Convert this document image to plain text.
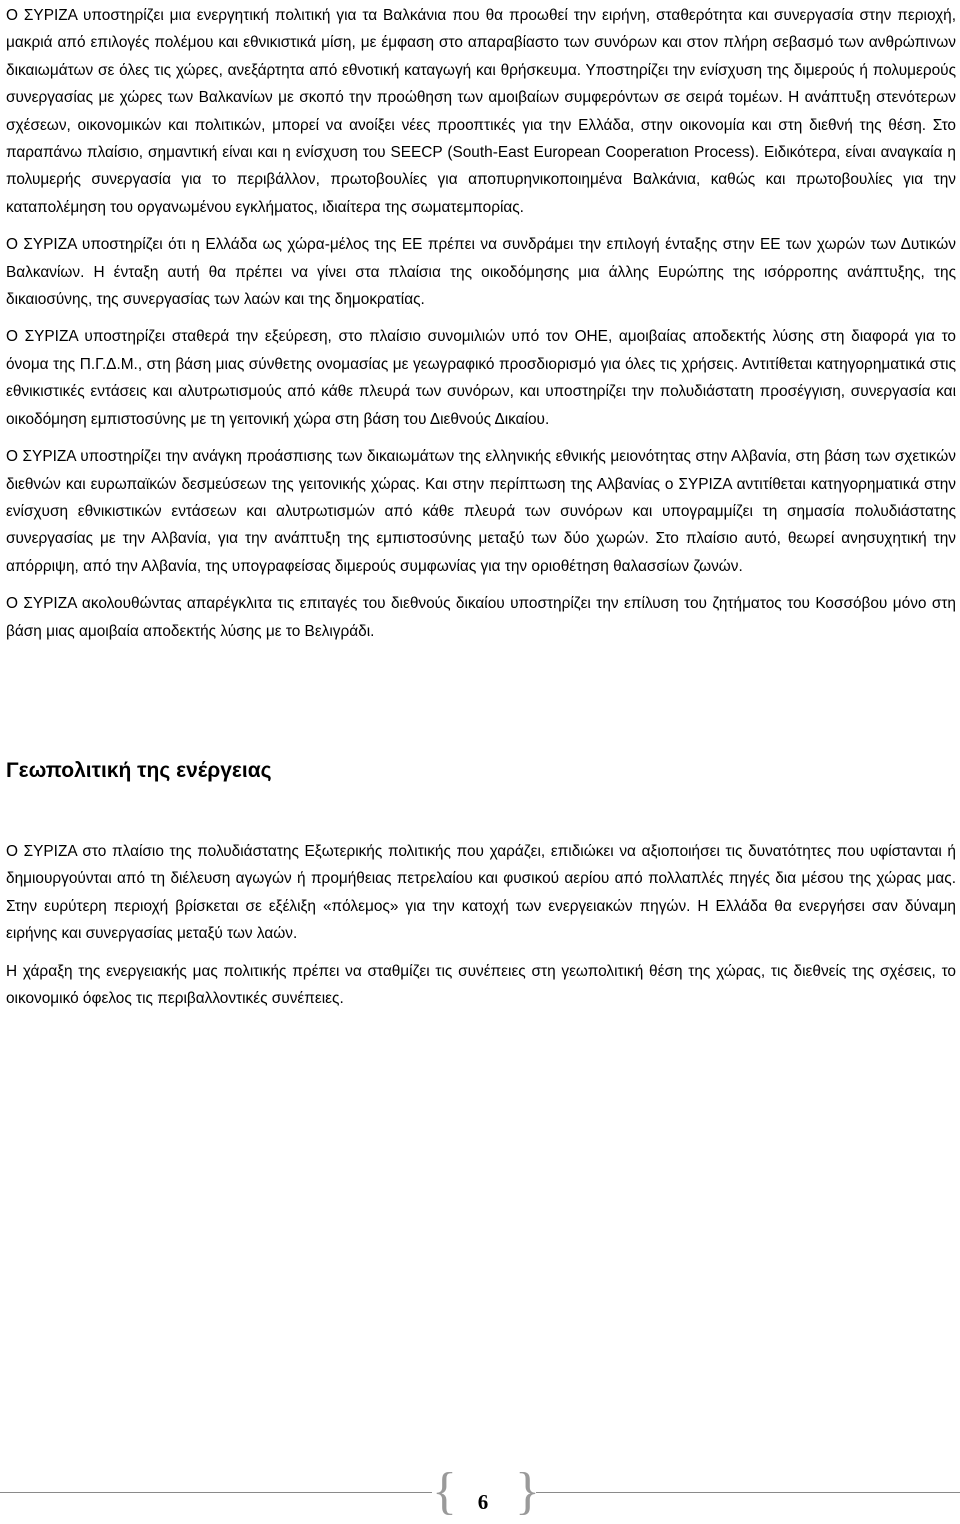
Ο ΣΥΡΙΖΑ υποστηρίζει μια ενεργητική πολιτική για τα Βαλκάνια που θα προωθεί την ειρήνη, σταθερότητα και συνεργασία στην περιοχή, μακριά από επιλογές πολέμου και εθνικιστικά μίση, με έμφαση στο απαραβίαστο των συνόρων και στον πλήρη σεβασμό των ανθρώπινων δικαιωμάτων σε όλες τις χώρες, ανεξάρτητα από εθνοτική καταγωγή και θρήσκευμα. Υποστηρίζει την ενίσχυση της διμερούς ή πολυμερούς συνεργασίας με χώρες των Βαλκανίων με σκοπό την προώθηση των αμοιβαίων συμφερόντων σε σειρά τομέων. Η ανάπτυξη στενότερων σχέσεων, οικονομικών και πολιτικών, μπορεί να ανοίξει νέες προοπτικές για την Ελλάδα, στην οικονομία και στη διεθνή της θέση. Στο παραπάνω πλαίσιο, σημαντική είναι και η ενίσχυση του SEECP (South-East European Cooperatιon Process). Ειδικότερα, είναι αναγκαία η πολυμερής συνεργασία για το περιβάλλον, πρωτοβουλίες για αποπυρηνικοποιημένα Βαλκάνια, καθώς και πρωτοβουλίες για την καταπολέμηση του οργανωμένου εγκλήματος, ιδιαίτερα της σωματεμπορίας.

Ο ΣΥΡΙΖΑ υποστηρίζει ότι η Ελλάδα ως χώρα-μέλος της ΕΕ πρέπει να συνδράμει την επιλογή ένταξης στην ΕΕ των χωρών των Δυτικών Βαλκανίων. Η ένταξη αυτή θα πρέπει να γίνει στα πλαίσια της οικοδόμησης μια άλλης Ευρώπης της ισόρροπης ανάπτυξης, της δικαιοσύνης, της συνεργασίας των λαών και της δημοκρατίας.

Ο ΣΥΡΙΖΑ υποστηρίζει σταθερά την εξεύρεση, στο πλαίσιο συνομιλιών υπό τον ΟΗΕ, αμοιβαίας αποδεκτής λύσης στη διαφορά για το όνομα της Π.Γ.Δ.Μ., στη βάση μιας σύνθετης ονομασίας με γεωγραφικό προσδιορισμό για όλες τις χρήσεις. Αντιτίθεται κατηγορηματικά στις εθνικιστικές εντάσεις και αλυτρωτισμούς από κάθε πλευρά των συνόρων, και υποστηρίζει την πολυδιάστατη προσέγγιση, συνεργασία και οικοδόμηση εμπιστοσύνης με τη γειτονική χώρα στη βάση του Διεθνούς Δικαίου.

Ο ΣΥΡΙΖΑ υποστηρίζει την ανάγκη προάσπισης των δικαιωμάτων της ελληνικής εθνικής μειονότητας στην Αλβανία, στη βάση των σχετικών διεθνών και ευρωπαϊκών δεσμεύσεων της γειτονικής χώρας. Και στην περίπτωση της Αλβανίας ο ΣΥΡΙΖΑ αντιτίθεται κατηγορηματικά στην ενίσχυση εθνικιστικών εντάσεων και αλυτρωτισμών από κάθε πλευρά των συνόρων και υπογραμμίζει τη σημασία πολυδιάστατης συνεργασίας με την Αλβανία, για την ανάπτυξη της εμπιστοσύνης μεταξύ των δύο χωρών. Στο πλαίσιο αυτό, θεωρεί ανησυχητική την απόρριψη, από την Αλβανία, της υπογραφείσας διμερούς συμφωνίας για την οριοθέτηση θαλασσίων ζωνών.

Ο ΣΥΡΙΖΑ ακολουθώντας απαρέγκλιτα τις επιταγές του διεθνούς δικαίου υποστηρίζει την επίλυση του ζητήματος του Κοσσόβου μόνο στη βάση μιας αμοιβαία αποδεκτής λύσης με το Βελιγράδι.

Γεωπολιτική της ενέργειας

Ο ΣΥΡΙΖΑ στο πλαίσιο της πολυδιάστατης Εξωτερικής πολιτικής που χαράζει, επιδιώκει να αξιοποιήσει τις δυνατότητες που υφίστανται ή δημιουργούνται από τη διέλευση αγωγών ή προμήθειας πετρελαίου και φυσικού αερίου από πολλαπλές πηγές δια μέσου της χώρας μας. Στην ευρύτερη περιοχή βρίσκεται σε εξέλιξη «πόλεμος» για την κατοχή των ενεργειακών πηγών. Η Ελλάδα θα ενεργήσει σαν δύναμη ειρήνης και συνεργασίας μεταξύ των λαών.

Η χάραξη της ενεργειακής μας πολιτικής πρέπει να σταθμίζει τις συνέπειες στη γεωπολιτική θέση της χώρας, τις διεθνείς της σχέσεις, το οικονομικό όφελος τις περιβαλλοντικές συνέπειες.

{ 6 }
